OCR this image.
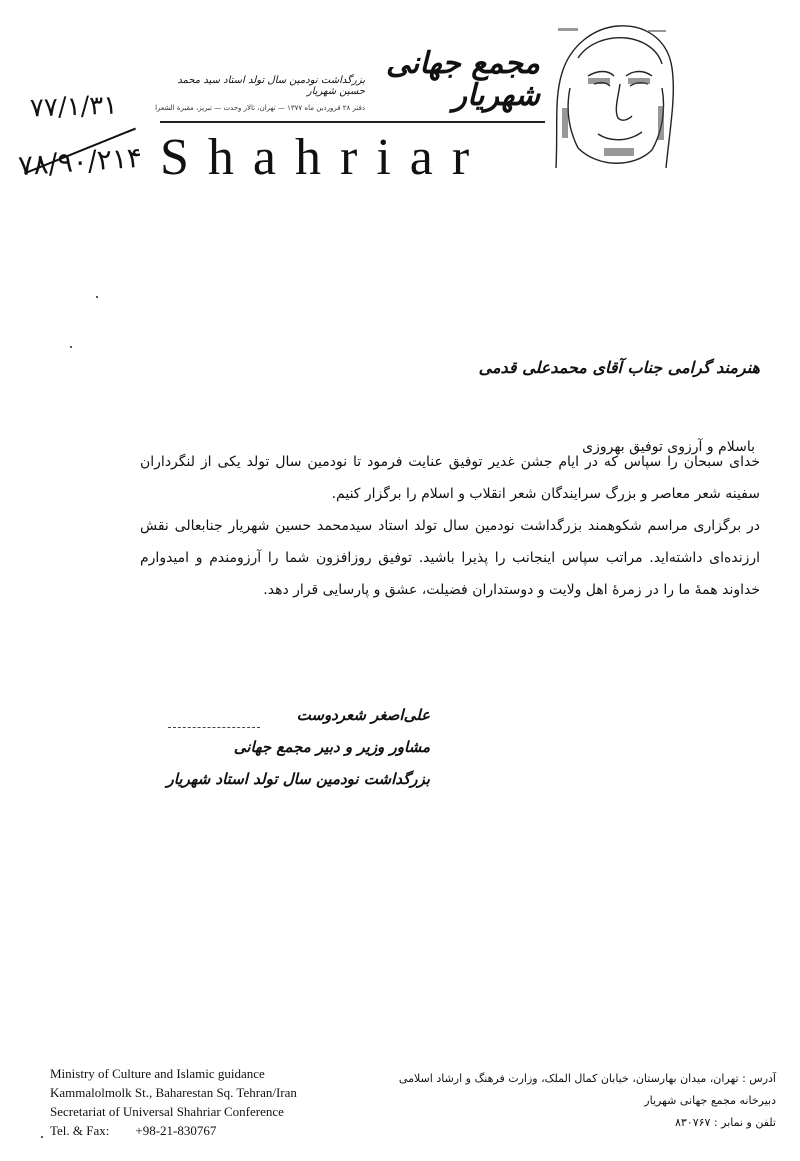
۷۷/۱/۳۱
۷۸/۹۰/۲۱۴
مجمع جهانی شهریار
بزرگداشت نودمین سال تولد استاد سید محمد حسین شهریار
دفتر ۲۸ فروردین ماه ۱۳۷۷ — تهران، تالار وحدت — تبریز، مقبرة الشعرا
Shahriar
هنرمند گرامی جناب آقای محمدعلی قدمی
باسلام و آرزوی توفیق بهروزی
خدای سبحان را سپاس که در ایام جشن غدیر توفیق عنایت فرمود تا نودمین سال تولد یکی از لنگرداران سفینه شعر معاصر و بزرگ سرایندگان شعر انقلاب و اسلام را برگزار کنیم.
در برگزاری مراسم شکوهمند بزرگداشت نودمین سال تولد استاد سیدمحمد حسین شهریار جنابعالی نقش ارزنده‌ای داشته‌اید. مراتب سپاس اینجانب را پذیرا باشید. توفیق روزافزون شما را آرزومندم و امیدوارم خداوند همهٔ ما را در زمرهٔ اهل ولایت و دوستداران فضیلت، عشق و پارسایی قرار دهد.
علی‌اصغر شعردوست
مشاور وزیر و دبیر مجمع جهانی
بزرگداشت نودمین سال تولد استاد شهریار
Ministry of Culture and Islamic guidance
Kammalolmolk St., Baharestan Sq. Tehran/Iran
Secretariat of Universal Shahriar Conference
Tel. & Fax: +98-21-830767
آدرس : تهران، میدان بهارستان، خیابان کمال الملک، وزارت فرهنگ و ارشاد اسلامی
دبیرخانه مجمع جهانی شهریار
تلفن و نمابر : ۸۳۰۷۶۷
